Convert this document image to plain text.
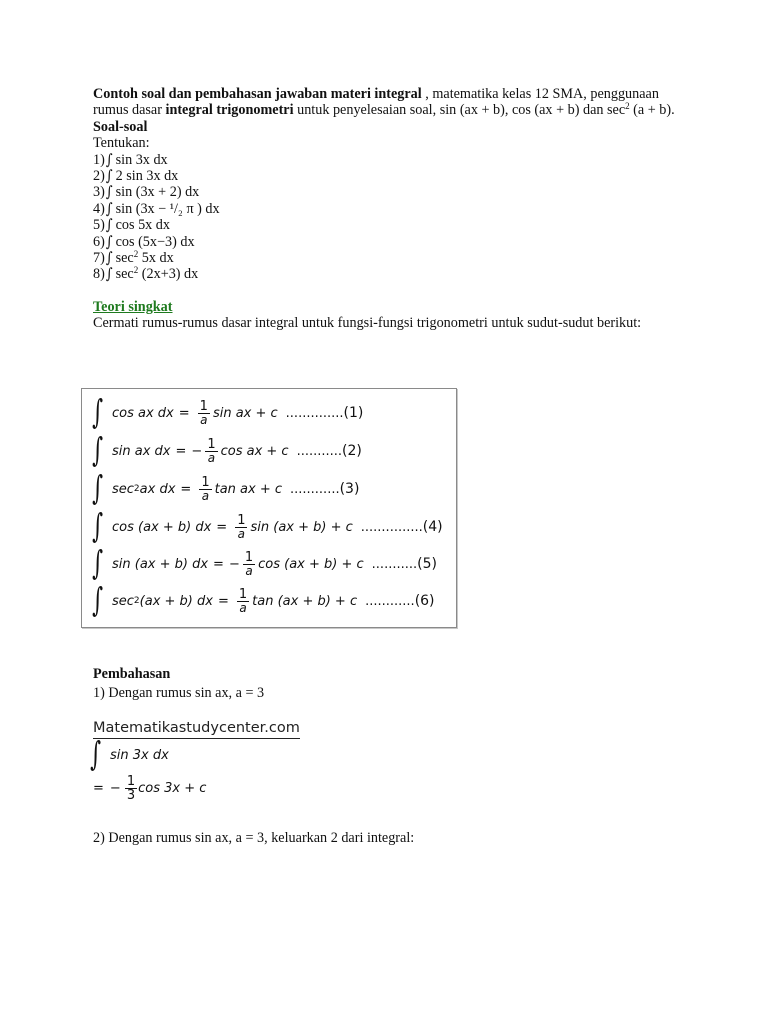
Contoh soal dan pembahasan jawaban materi integral , matematika kelas 12 SMA, penggunaan rumus dasar integral trigonometri untuk penyelesaian soal, sin (ax + b), cos (ax + b) dan $\sec^2 (a + b)$.

Soal-soal

Tentukan:

1)∫ sin 3x dx
2)∫ 2 sin 3x dx
3)∫ sin (3x + 2) dx
4)∫ sin (3x − ¹/₂ π ) dx
5)∫ cos 5x dx
6)∫ cos (5x−3) dx
7)∫ $\sec^2 5x$ dx
8)∫ $\sec^2 (2x+3)$ dx

Teori singkat

Cermati rumus-rumus dasar integral untuk fungsi-fungsi trigonometri untuk sudut-sudut berikut:

∫ cos ax dx = $\frac{1}{a}$ sin ax + c .............. (1)
∫ sin ax dx = − $\frac{1}{a}$ cos ax + c ........... (2)
∫ sec 2 ax dx = $\frac{1}{a}$ tan ax + c ............ (3)
∫ cos (ax + b) dx = $\frac{1}{a}$ sin (ax + b) + c ............... (4)
∫ sin (ax + b) dx = − $\frac{1}{a}$ cos (ax + b) + c ........... (5)
∫ sec 2 (ax + b) dx = $\frac{1}{a}$ tan (ax + b) + c ............ (6)
Pembahasan
1) Dengan rumus sin ax, a = 3
Matematikastudycenter.com
∫ sin 3x dx
= − $\frac{1}{3}$ cos 3x + c
2) Dengan rumus sin ax, a = 3, keluarkan 2 dari integral:
